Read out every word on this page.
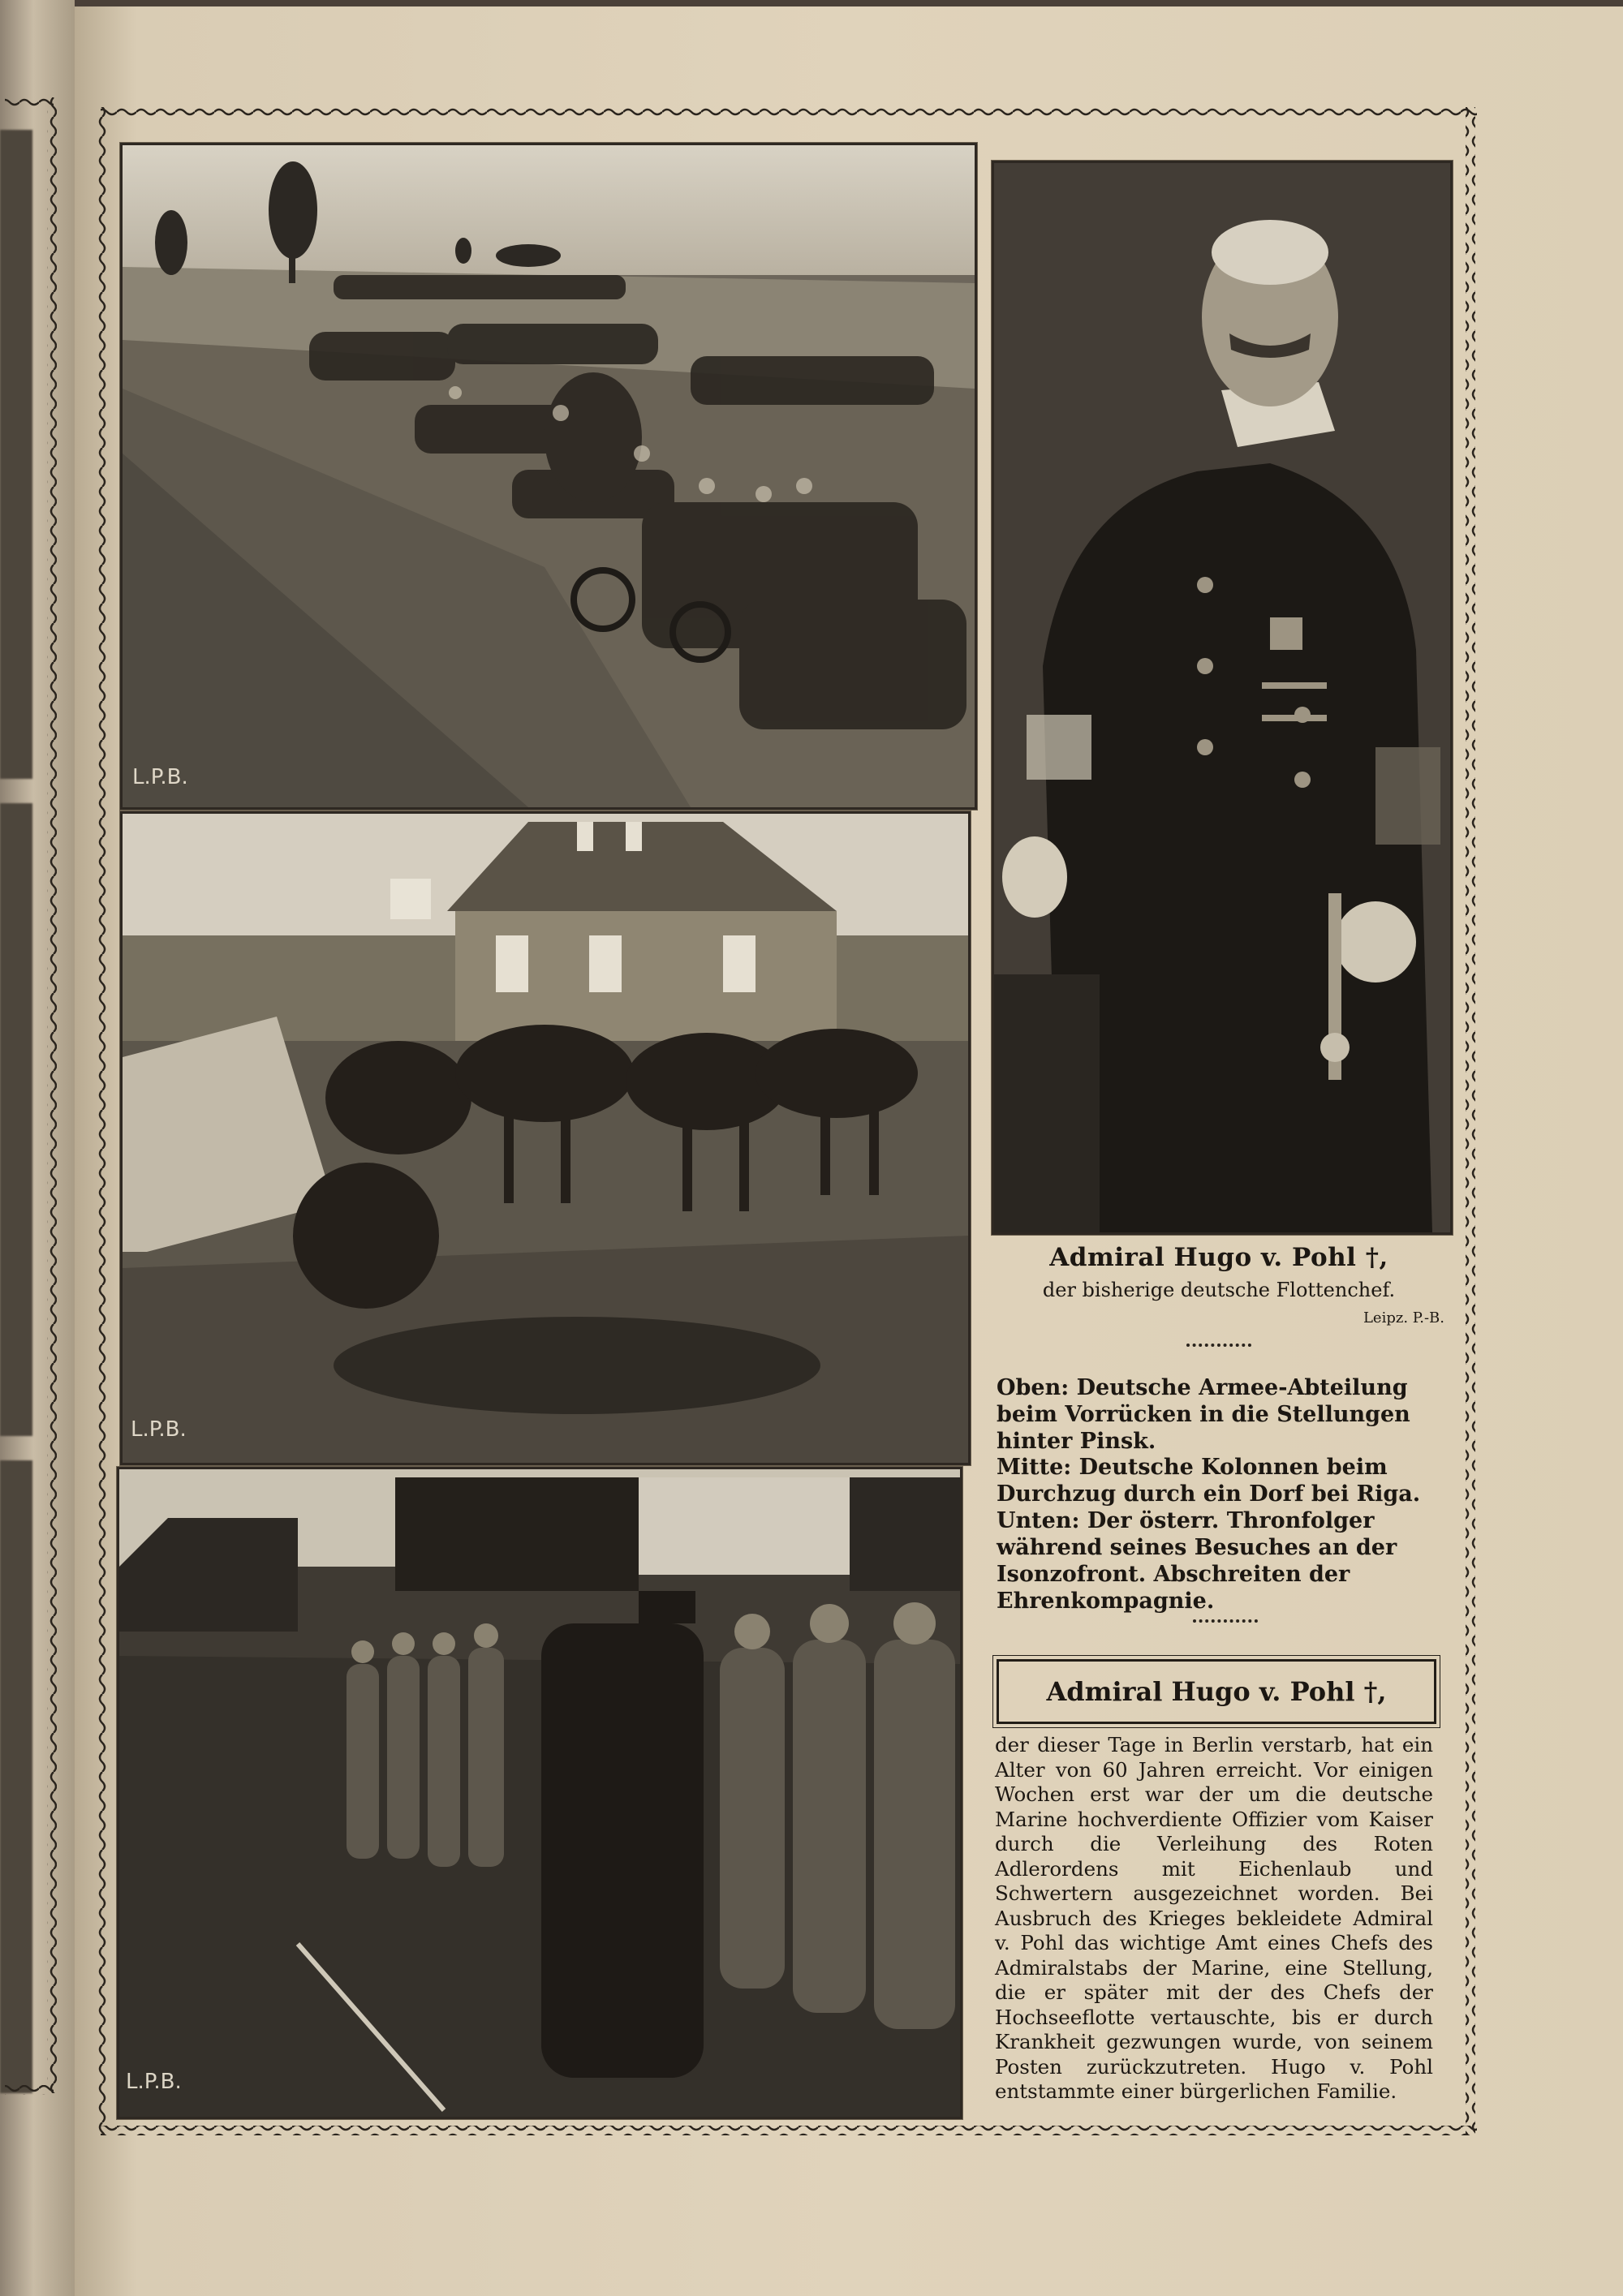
L.P.B.
L.P.B.
L.P.B.
Admiral Hugo v. Pohl †,
der bisherige deutsche Flottenchef.
Leipz. P.-B.
Oben: Deutsche Armee-Abteilung beim Vorrücken in die Stellungen hinter Pinsk.
Mitte: Deutsche Kolonnen beim Durchzug durch ein Dorf bei Riga.
Unten: Der österr. Thronfolger während seines Besuches an der Isonzofront. Abschreiten der Ehrenkompagnie.
Admiral Hugo v. Pohl †,
der dieser Tage in Berlin verstarb, hat ein Alter von 60 Jahren erreicht. Vor einigen Wochen erst war der um die deutsche Marine hochverdiente Offizier vom Kaiser durch die Verleihung des Roten Adlerordens mit Eichenlaub und Schwertern ausgezeichnet worden. Bei Ausbruch des Krieges bekleidete Admiral v. Pohl das wichtige Amt eines Chefs des Admiralstabs der Marine, eine Stellung, die er später mit der des Chefs der Hochseeflotte vertauschte, bis er durch Krankheit gezwungen wurde, von seinem Posten zurückzutreten. Hugo v. Pohl entstammte einer bürgerlichen Familie.
